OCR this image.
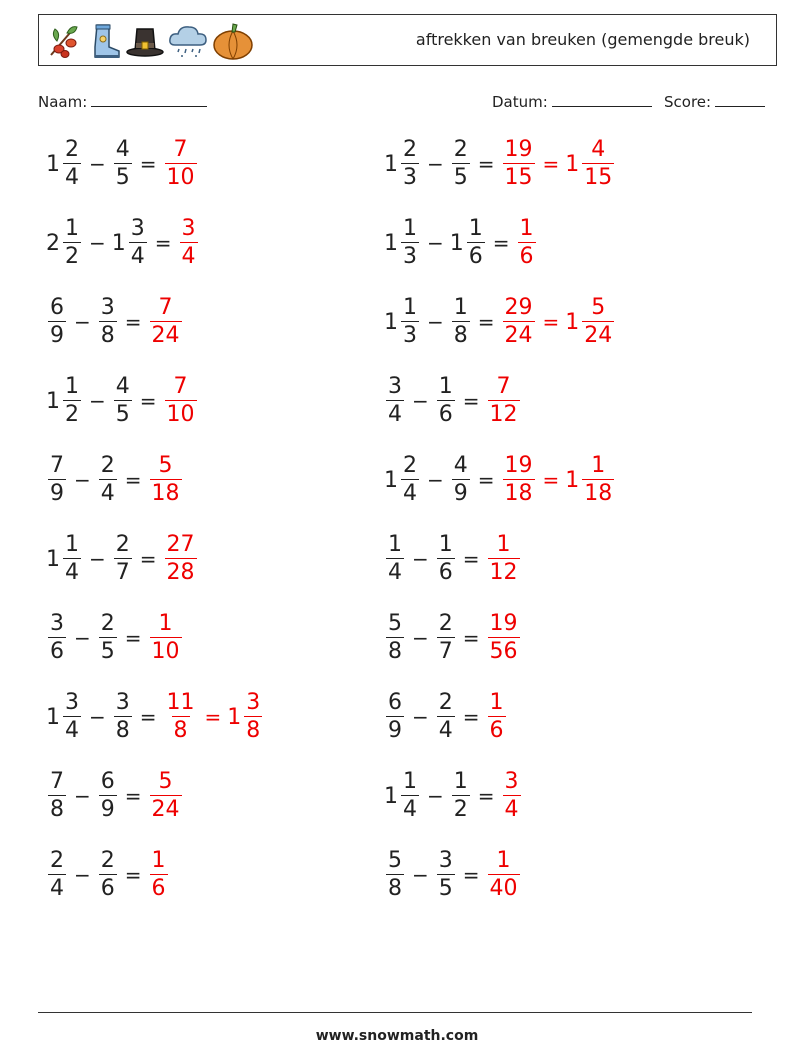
aftrekken van breuken (gemengde breuk)
Naam:	Datum:	Score:
$1 \frac{2}{4} - \frac{4}{5} = \frac{7}{10}$	$1 \frac{2}{3} - \frac{2}{5} = \frac{19}{15} = 1 \frac{4}{15}$
$2 \frac{1}{2} - 1 \frac{3}{4} = \frac{3}{4}$	$1 \frac{1}{3} - 1 \frac{1}{6} = \frac{1}{6}$
$\frac{6}{9} - \frac{3}{8} = \frac{7}{24}$	$1 \frac{1}{3} - \frac{1}{8} = \frac{29}{24} = 1 \frac{5}{24}$
$1 \frac{1}{2} - \frac{4}{5} = \frac{7}{10}$	$\frac{3}{4} - \frac{1}{6} = \frac{7}{12}$
$\frac{7}{9} - \frac{2}{4} = \frac{5}{18}$	$1 \frac{2}{4} - \frac{4}{9} = \frac{19}{18} = 1 \frac{1}{18}$
$1 \frac{1}{4} - \frac{2}{7} = \frac{27}{28}$	$\frac{1}{4} - \frac{1}{6} = \frac{1}{12}$
$\frac{3}{6} - \frac{2}{5} = \frac{1}{10}$	$\frac{5}{8} - \frac{2}{7} = \frac{19}{56}$
$1 \frac{3}{4} - \frac{3}{8} = \frac{11}{8} = 1 \frac{3}{8}$	$\frac{6}{9} - \frac{2}{4} = \frac{1}{6}$
$\frac{7}{8} - \frac{6}{9} = \frac{5}{24}$	$1 \frac{1}{4} - \frac{1}{2} = \frac{3}{4}$
$\frac{2}{4} - \frac{2}{6} = \frac{1}{6}$	$\frac{5}{8} - \frac{3}{5} = \frac{1}{40}$
www.snowmath.com
